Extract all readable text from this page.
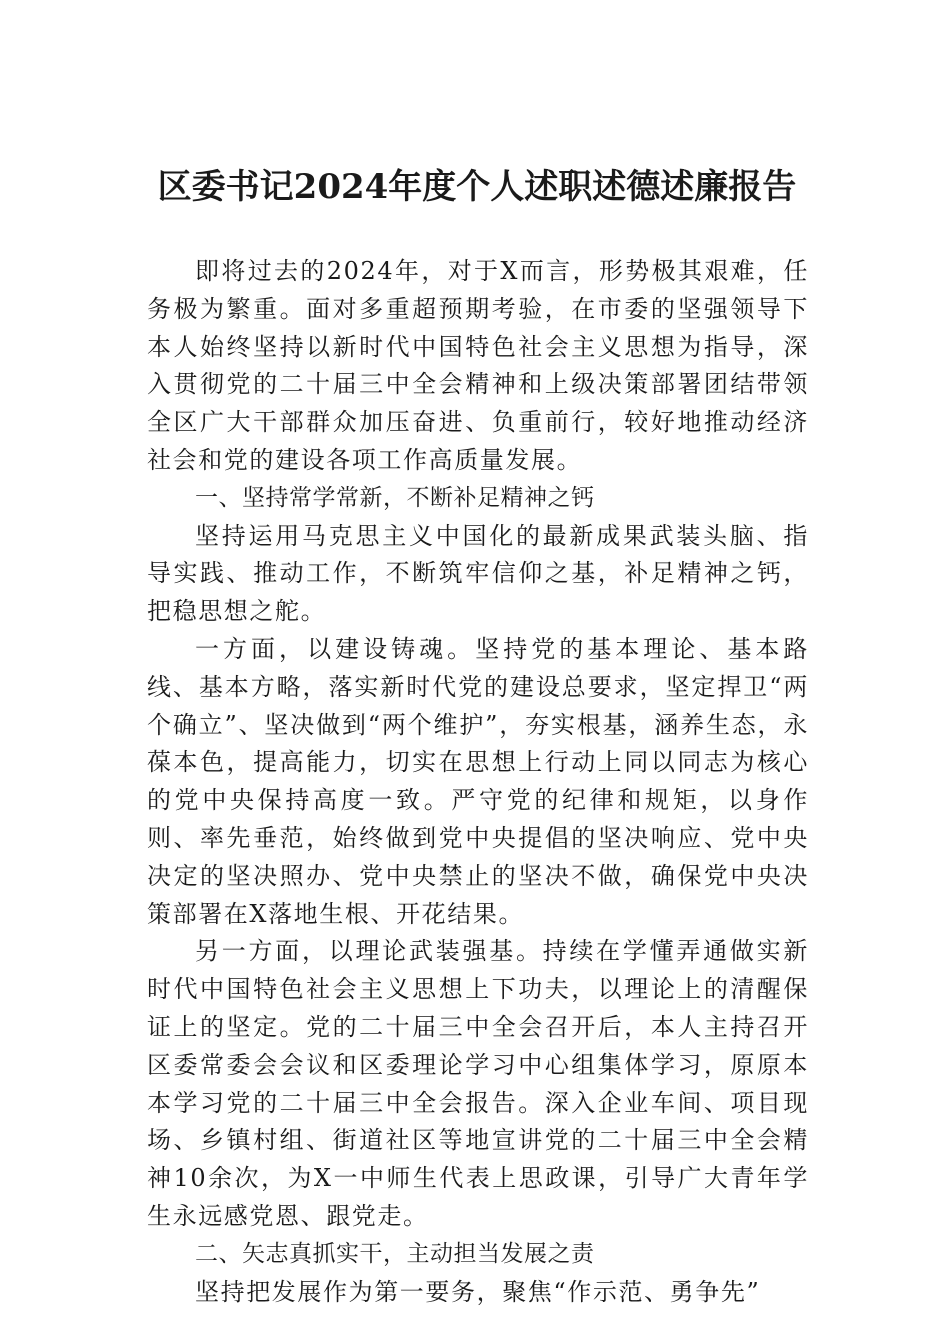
区委书记2024年度个人述职述德述廉报告

即将过去的2024年，对于X而言，形势极其艰难，任务极为繁重。面对多重超预期考验，在市委的坚强领导下本人始终坚持以新时代中国特色社会主义思想为指导，深入贯彻党的二十届三中全会精神和上级决策部署团结带领全区广大干部群众加压奋进、负重前行，较好地推动经济社会和党的建设各项工作高质量发展。

一、坚持常学常新，不断补足精神之钙

坚持运用马克思主义中国化的最新成果武装头脑、指导实践、推动工作，不断筑牢信仰之基，补足精神之钙，把稳思想之舵。

一方面，以建设铸魂。坚持党的基本理论、基本路线、基本方略，落实新时代党的建设总要求，坚定捍卫“两个确立”、坚决做到“两个维护”，夯实根基，涵养生态，永葆本色，提高能力，切实在思想上行动上同以同志为核心的党中央保持高度一致。严守党的纪律和规矩，以身作则、率先垂范，始终做到党中央提倡的坚决响应、党中央决定的坚决照办、党中央禁止的坚决不做，确保党中央决策部署在X落地生根、开花结果。

另一方面，以理论武装强基。持续在学懂弄通做实新时代中国特色社会主义思想上下功夫，以理论上的清醒保证上的坚定。党的二十届三中全会召开后，本人主持召开区委常委会会议和区委理论学习中心组集体学习，原原本本学习党的二十届三中全会报告。深入企业车间、项目现场、乡镇村组、街道社区等地宣讲党的二十届三中全会精神10余次，为X一中师生代表上思政课，引导广大青年学生永远感党恩、跟党走。

二、矢志真抓实干，主动担当发展之责

坚持把发展作为第一要务，聚焦“作示范、勇争先”
